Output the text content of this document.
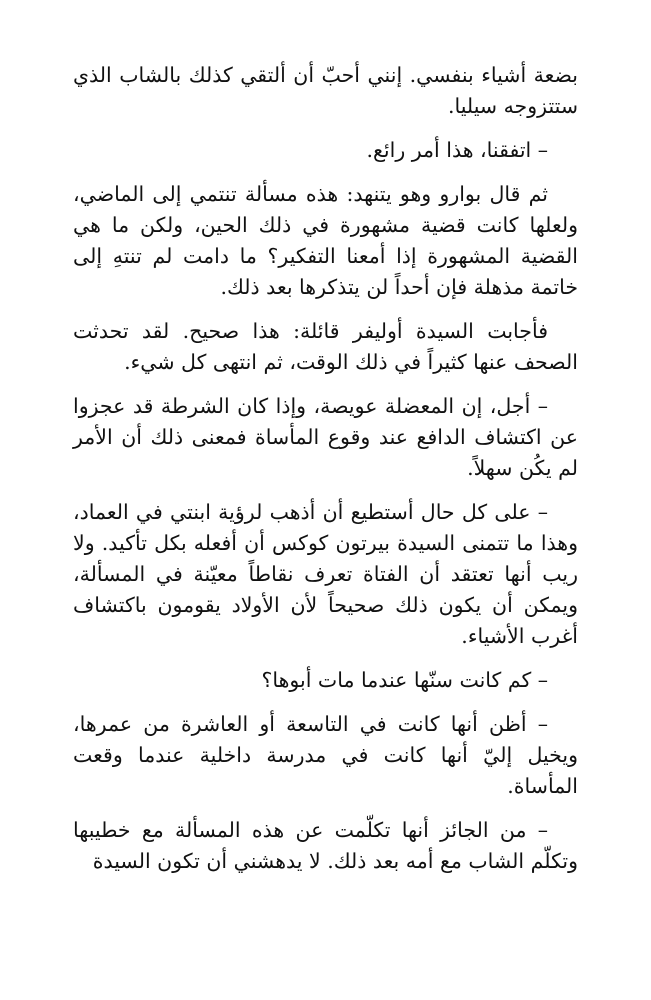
بضعة أشياء بنفسي. إنني أحبّ أن ألتقي كذلك بالشاب الذي ستتزوجه سيليا.

– اتفقنا، هذا أمر رائع.

ثم قال بوارو وهو يتنهد: هذه مسألة تنتمي إلى الماضي، ولعلها كانت قضية مشهورة في ذلك الحين، ولكن ما هي القضية المشهورة إذا أمعنا التفكير؟ ما دامت لم تنتهِ إلى خاتمة مذهلة فإن أحداً لن يتذكرها بعد ذلك.

فأجابت السيدة أوليفر قائلة: هذا صحيح. لقد تحدثت الصحف عنها كثيراً في ذلك الوقت، ثم انتهى كل شيء.

– أجل، إن المعضلة عويصة، وإذا كان الشرطة قد عجزوا عن اكتشاف الدافع عند وقوع المأساة فمعنى ذلك أن الأمر لم يكُن سهلاً.

– على كل حال أستطيع أن أذهب لرؤية ابنتي في العماد، وهذا ما تتمنى السيدة بيرتون كوكس أن أفعله بكل تأكيد. ولا ريب أنها تعتقد أن الفتاة تعرف نقاطاً معيّنة في المسألة، ويمكن أن يكون ذلك صحيحاً لأن الأولاد يقومون باكتشاف أغرب الأشياء.

– كم كانت سنّها عندما مات أبوها؟

– أظن أنها كانت في التاسعة أو العاشرة من عمرها، ويخيل إليّ أنها كانت في مدرسة داخلية عندما وقعت المأساة.

– من الجائز أنها تكلّمت عن هذه المسألة مع خطيبها وتكلّم الشاب مع أمه بعد ذلك. لا يدهشني أن تكون السيدة
